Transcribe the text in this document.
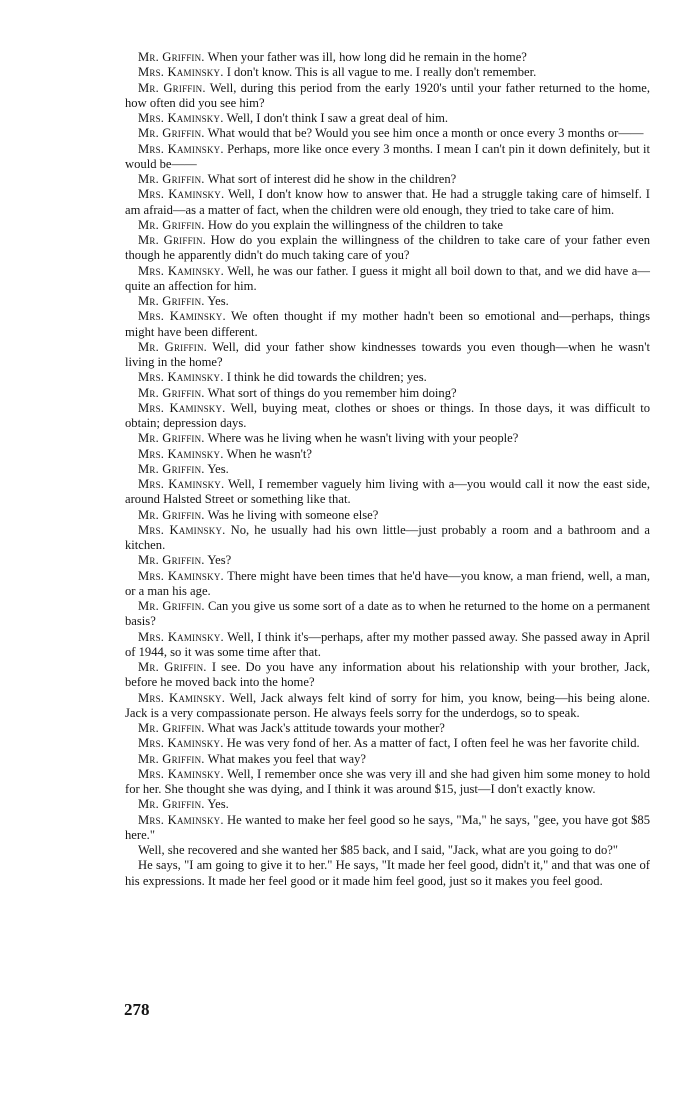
Mr. Griffin. When your father was ill, how long did he remain in the home?

Mrs. Kaminsky. I don't know. This is all vague to me. I really don't remember.

Mr. Griffin. Well, during this period from the early 1920's until your father returned to the home, how often did you see him?

Mrs. Kaminsky. Well, I don't think I saw a great deal of him.

Mr. Griffin. What would that be? Would you see him once a month or once every 3 months or——

Mrs. Kaminsky. Perhaps, more like once every 3 months. I mean I can't pin it down definitely, but it would be——

Mr. Griffin. What sort of interest did he show in the children?

Mrs. Kaminsky. Well, I don't know how to answer that. He had a struggle taking care of himself. I am afraid—as a matter of fact, when the children were old enough, they tried to take care of him.

Mr. Griffin. How do you explain the willingness of the children to take

Mr. Griffin. How do you explain the willingness of the children to take care of your father even though he apparently didn't do much taking care of you?

Mrs. Kaminsky. Well, he was our father. I guess it might all boil down to that, and we did have a—quite an affection for him.

Mr. Griffin. Yes.

Mrs. Kaminsky. We often thought if my mother hadn't been so emotional and—perhaps, things might have been different.

Mr. Griffin. Well, did your father show kindnesses towards you even though—when he wasn't living in the home?

Mrs. Kaminsky. I think he did towards the children; yes.

Mr. Griffin. What sort of things do you remember him doing?

Mrs. Kaminsky. Well, buying meat, clothes or shoes or things. In those days, it was difficult to obtain; depression days.

Mr. Griffin. Where was he living when he wasn't living with your people?

Mrs. Kaminsky. When he wasn't?

Mr. Griffin. Yes.

Mrs. Kaminsky. Well, I remember vaguely him living with a—you would call it now the east side, around Halsted Street or something like that.

Mr. Griffin. Was he living with someone else?

Mrs. Kaminsky. No, he usually had his own little—just probably a room and a bathroom and a kitchen.

Mr. Griffin. Yes?

Mrs. Kaminsky. There might have been times that he'd have—you know, a man friend, well, a man, or a man his age.

Mr. Griffin. Can you give us some sort of a date as to when he returned to the home on a permanent basis?

Mrs. Kaminsky. Well, I think it's—perhaps, after my mother passed away. She passed away in April of 1944, so it was some time after that.

Mr. Griffin. I see. Do you have any information about his relationship with your brother, Jack, before he moved back into the home?

Mrs. Kaminsky. Well, Jack always felt kind of sorry for him, you know, being—his being alone. Jack is a very compassionate person. He always feels sorry for the underdogs, so to speak.

Mr. Griffin. What was Jack's attitude towards your mother?

Mrs. Kaminsky. He was very fond of her. As a matter of fact, I often feel he was her favorite child.

Mr. Griffin. What makes you feel that way?

Mrs. Kaminsky. Well, I remember once she was very ill and she had given him some money to hold for her. She thought she was dying, and I think it was around $15, just—I don't exactly know.

Mr. Griffin. Yes.

Mrs. Kaminsky. He wanted to make her feel good so he says, "Ma," he says, "gee, you have got $85 here."

Well, she recovered and she wanted her $85 back, and I said, "Jack, what are you going to do?"

He says, "I am going to give it to her." He says, "It made her feel good, didn't it," and that was one of his expressions. It made her feel good or it made him feel good, just so it makes you feel good.

278
